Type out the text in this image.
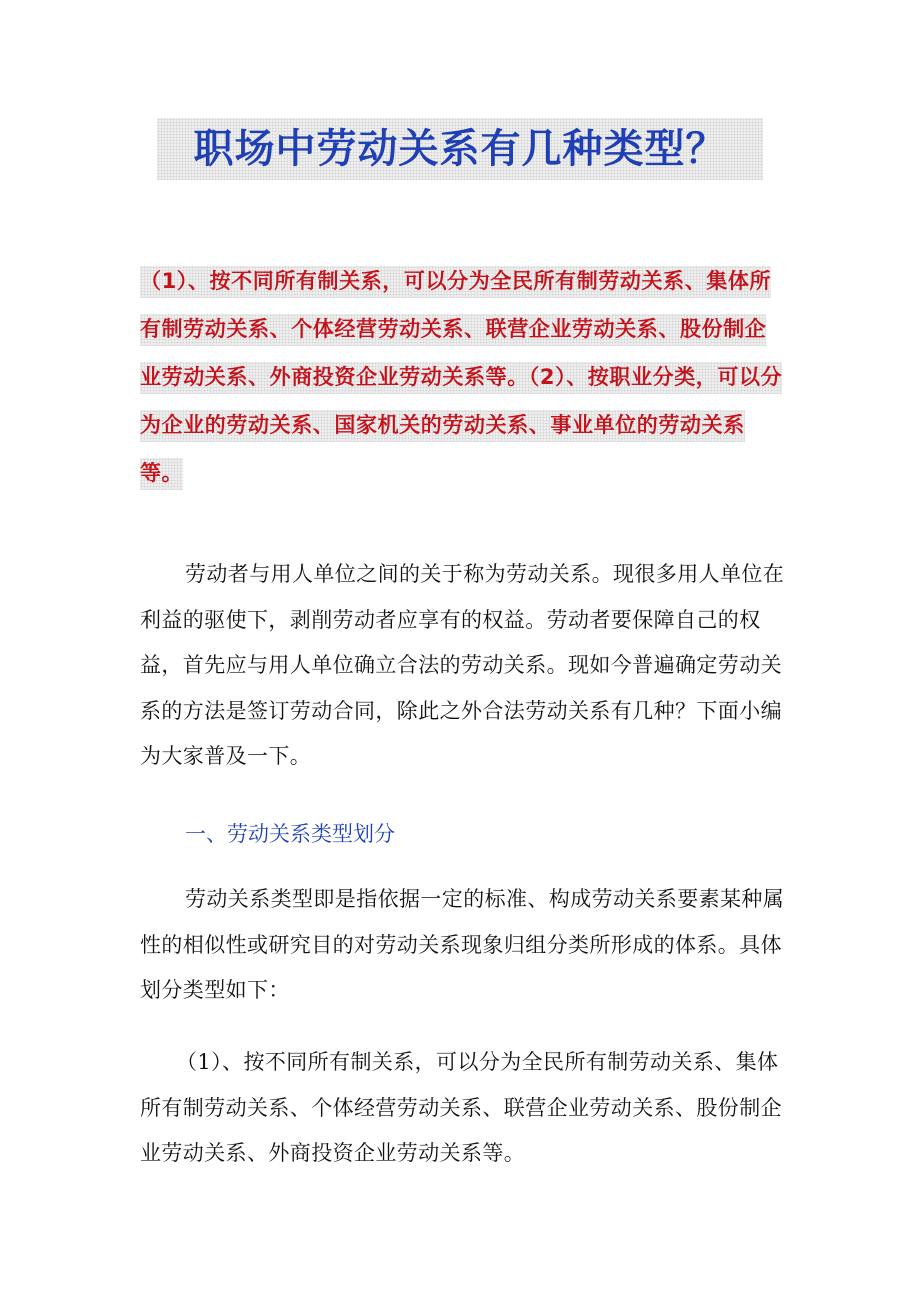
职场中劳动关系有几种类型？
（1）、按不同所有制关系，可以分为全民所有制劳动关系、集体所有制劳动关系、个体经营劳动关系、联营企业劳动关系、股份制企业劳动关系、外商投资企业劳动关系等。（2）、按职业分类，可以分为企业的劳动关系、国家机关的劳动关系、事业单位的劳动关系等。
劳动者与用人单位之间的关于称为劳动关系。现很多用人单位在利益的驱使下，剥削劳动者应享有的权益。劳动者要保障自己的权益，首先应与用人单位确立合法的劳动关系。现如今普遍确定劳动关系的方法是签订劳动合同，除此之外合法劳动关系有几种？下面小编为大家普及一下。
一、劳动关系类型划分
劳动关系类型即是指依据一定的标准、构成劳动关系要素某种属性的相似性或研究目的对劳动关系现象归组分类所形成的体系。具体划分类型如下：
（1）、按不同所有制关系，可以分为全民所有制劳动关系、集体所有制劳动关系、个体经营劳动关系、联营企业劳动关系、股份制企业劳动关系、外商投资企业劳动关系等。
